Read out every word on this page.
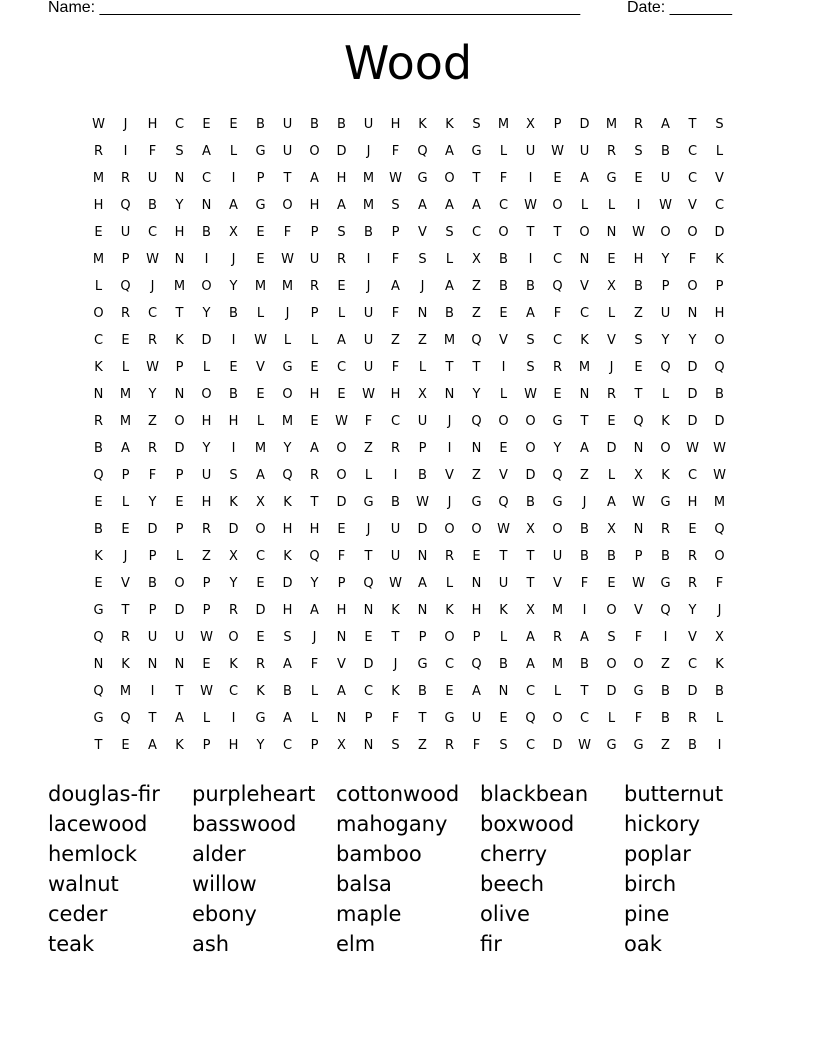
Name: ______________________________________________________	Date: _______
Wood
W	J	H	C	E	E	B	U	B	B	U	H	K	K	S	M	X	P	D	M	R	A	T	S
R	I	F	S	A	L	G	U	O	D	J	F	Q	A	G	L	U	W	U	R	S	B	C	L
M	R	U	N	C	I	P	T	A	H	M	W	G	O	T	F	I	E	A	G	E	U	C	V
H	Q	B	Y	N	A	G	O	H	A	M	S	A	A	A	C	W	O	L	L	I	W	V	C
E	U	C	H	B	X	E	F	P	S	B	P	V	S	C	O	T	T	O	N	W	O	O	D
M	P	W	N	I	J	E	W	U	R	I	F	S	L	X	B	I	C	N	E	H	Y	F	K
L	Q	J	M	O	Y	M	M	R	E	J	A	J	A	Z	B	B	Q	V	X	B	P	O	P
O	R	C	T	Y	B	L	J	P	L	U	F	N	B	Z	E	A	F	C	L	Z	U	N	H
C	E	R	K	D	I	W	L	L	A	U	Z	Z	M	Q	V	S	C	K	V	S	Y	Y	O
K	L	W	P	L	E	V	G	E	C	U	F	L	T	T	I	S	R	M	J	E	Q	D	Q
N	M	Y	N	O	B	E	O	H	E	W	H	X	N	Y	L	W	E	N	R	T	L	D	B
R	M	Z	O	H	H	L	M	E	W	F	C	U	J	Q	O	O	G	T	E	Q	K	D	D
B	A	R	D	Y	I	M	Y	A	O	Z	R	P	I	N	E	O	Y	A	D	N	O	W	W
Q	P	F	P	U	S	A	Q	R	O	L	I	B	V	Z	V	D	Q	Z	L	X	K	C	W
E	L	Y	E	H	K	X	K	T	D	G	B	W	J	G	Q	B	G	J	A	W	G	H	M
B	E	D	P	R	D	O	H	H	E	J	U	D	O	O	W	X	O	B	X	N	R	E	Q
K	J	P	L	Z	X	C	K	Q	F	T	U	N	R	E	T	T	U	B	B	P	B	R	O
E	V	B	O	P	Y	E	D	Y	P	Q	W	A	L	N	U	T	V	F	E	W	G	R	F
G	T	P	D	P	R	D	H	A	H	N	K	N	K	H	K	X	M	I	O	V	Q	Y	J
Q	R	U	U	W	O	E	S	J	N	E	T	P	O	P	L	A	R	A	S	F	I	V	X
N	K	N	N	E	K	R	A	F	V	D	J	G	C	Q	B	A	M	B	O	O	Z	C	K
Q	M	I	T	W	C	K	B	L	A	C	K	B	E	A	N	C	L	T	D	G	B	D	B
G	Q	T	A	L	I	G	A	L	N	P	F	T	G	U	E	Q	O	C	L	F	B	R	L
T	E	A	K	P	H	Y	C	P	X	N	S	Z	R	F	S	C	D	W	G	G	Z	B	I
douglas-fir	purpleheart cottonwood blackbean	butternut
lacewood	basswood	mahogany	boxwood	hickory
hemlock	alder	bamboo	cherry	poplar
walnut	willow	balsa	beech	birch
ceder	ebony	maple	olive	pine
teak	ash	elm	fir	oak
